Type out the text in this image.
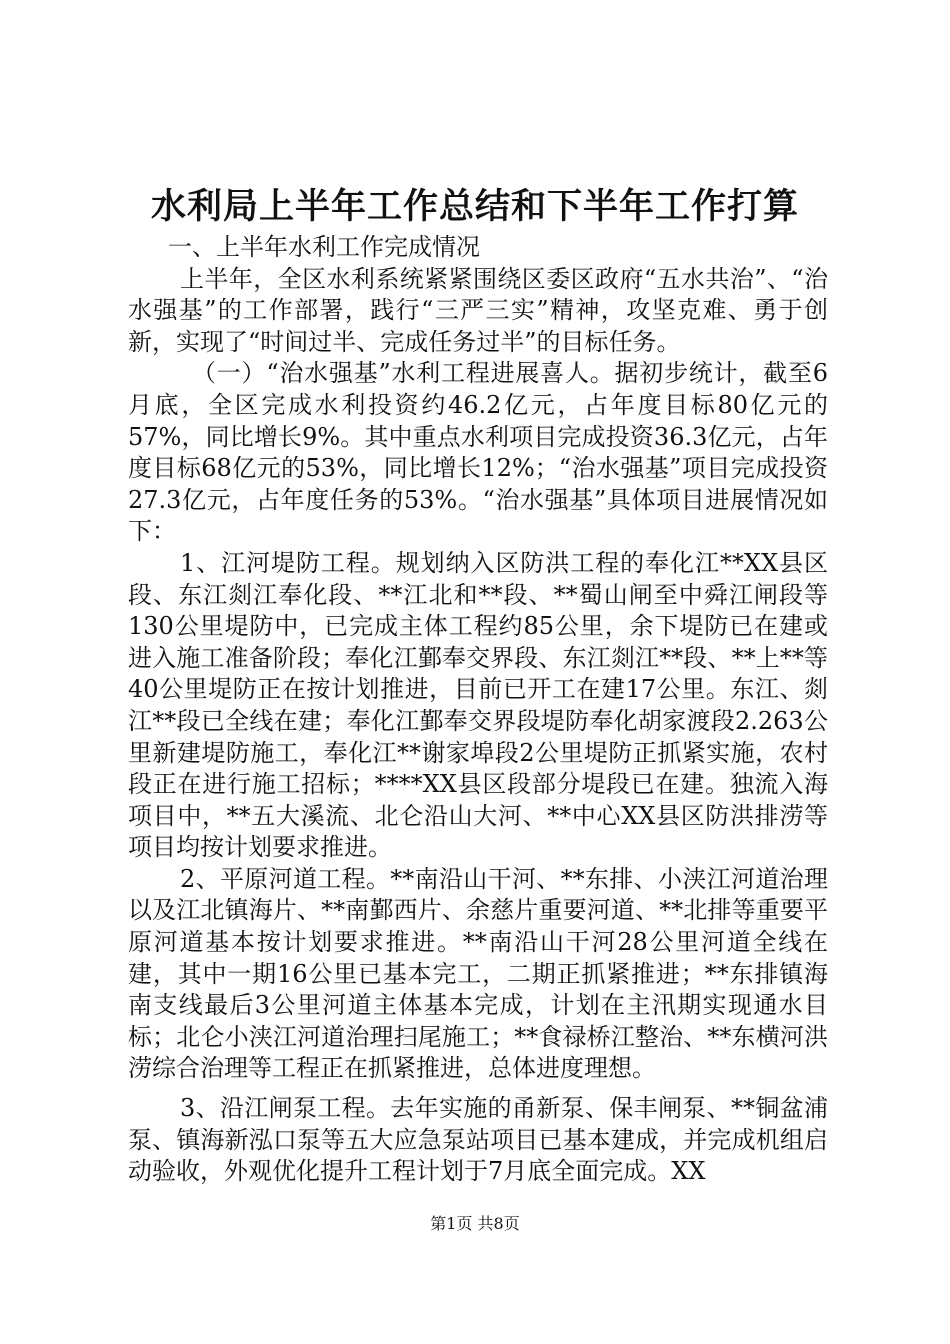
水利局上半年工作总结和下半年工作打算

一、上半年水利工作完成情况

上半年，全区水利系统紧紧围绕区委区政府“五水共治”、“治水强基”的工作部署，践行“三严三实”精神，攻坚克难、勇于创新，实现了“时间过半、完成任务过半”的目标任务。

（一）“治水强基”水利工程进展喜人。据初步统计，截至6月底，全区完成水利投资约46.2亿元，占年度目标80亿元的57%，同比增长9%。其中重点水利项目完成投资36.3亿元，占年度目标68亿元的53%，同比增长12%；“治水强基”项目完成投资27.3亿元，占年度任务的53%。“治水强基”具体项目进展情况如下：

1、江河堤防工程。规划纳入区防洪工程的奉化江**XX县区段、东江剡江奉化段、**江北和**段、**蜀山闸至中舜江闸段等130公里堤防中，已完成主体工程约85公里，余下堤防已在建或进入施工准备阶段；奉化江鄞奉交界段、东江剡江**段、**上**等40公里堤防正在按计划推进，目前已开工在建17公里。东江、剡江**段已全线在建；奉化江鄞奉交界段堤防奉化胡家渡段2.263公里新建堤防施工，奉化江**谢家埠段2公里堤防正抓紧实施，农村段正在进行施工招标；****XX县区段部分堤段已在建。独流入海项目中，**五大溪流、北仑沿山大河、**中心XX县区防洪排涝等项目均按计划要求推进。

2、平原河道工程。**南沿山干河、**东排、小浃江河道治理以及江北镇海片、**南鄞西片、余慈片重要河道、**北排等重要平原河道基本按计划要求推进。**南沿山干河28公里河道全线在建，其中一期16公里已基本完工，二期正抓紧推进；**东排镇海南支线最后3公里河道主体基本完成，计划在主汛期实现通水目标；北仑小浃江河道治理扫尾施工；**食禄桥江整治、**东横河洪涝综合治理等工程正在抓紧推进，总体进度理想。

3、沿江闸泵工程。去年实施的甬新泵、保丰闸泵、**铜盆浦泵、镇海新泓口泵等五大应急泵站项目已基本建成，并完成机组启动验收，外观优化提升工程计划于7月底全面完成。XX

第1页 共8页
